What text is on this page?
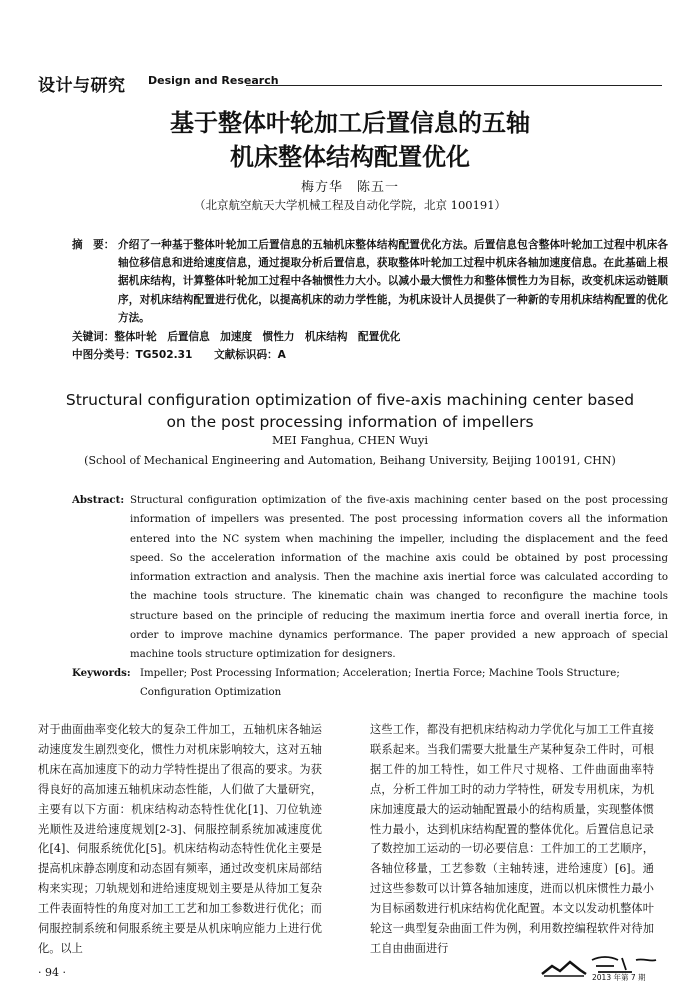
设计与研究 Design and Research
基于整体叶轮加工后置信息的五轴
机床整体结构配置优化
梅方华　陈五一
（北京航空航天大学机械工程及自动化学院，北京 100191）
摘　要： 介绍了一种基于整体叶轮加工后置信息的五轴机床整体结构配置优化方法。后置信息包含整体叶轮加工过程中机床各轴位移信息和进给速度信息，通过提取分析后置信息，获取整体叶轮加工过程中机床各轴加速度信息。在此基础上根据机床结构，计算整体叶轮加工过程中各轴惯性力大小。以减小最大惯性力和整体惯性力为目标，改变机床运动链顺序，对机床结构配置进行优化，以提高机床的动力学性能，为机床设计人员提供了一种新的专用机床结构配置的优化方法。
关键词：整体叶轮　后置信息　加速度　惯性力　机床结构　配置优化
中图分类号：TG502.31 文献标识码：A
Structural configuration optimization of five-axis machining center based
on the post processing information of impellers
MEI Fanghua, CHEN Wuyi
(School of Mechanical Engineering and Automation, Beihang University, Beijing 100191, CHN)
Abstract: Structural configuration optimization of the five-axis machining center based on the post processing information of impellers was presented. The post processing information covers all the information entered into the NC system when machining the impeller, including the displacement and the feed speed. So the acceleration information of the machine axis could be obtained by post processing information extraction and analysis. Then the machine axis inertial force was calculated according to the machine tools structure. The kinematic chain was changed to reconfigure the machine tools structure based on the principle of reducing the maximum inertia force and overall inertia force, in order to improve machine dynamics performance. The paper provided a new approach of special machine tools structure optimization for designers.
Keywords: Impeller; Post Processing Information; Acceleration; Inertia Force; Machine Tools Structure; Configuration Optimization
对于曲面曲率变化较大的复杂工件加工，五轴机床各轴运动速度发生剧烈变化，惯性力对机床影响较大，这对五轴机床在高加速度下的动力学特性提出了很高的要求。为获得良好的高加速五轴机床动态性能，人们做了大量研究，主要有以下方面：机床结构动态特性优化[1]、刀位轨迹光顺性及进给速度规划[2-3]、伺服控制系统加减速度优化[4]、伺服系统优化[5]。机床结构动态特性优化主要是提高机床静态刚度和动态固有频率，通过改变机床局部结构来实现；刀轨规划和进给速度规划主要是从待加工复杂工件表面特性的角度对加工工艺和加工参数进行优化；而伺服控制系统和伺服系统主要是从机床响应能力上进行优化。以上
这些工作，都没有把机床结构动力学优化与加工工件直接联系起来。当我们需要大批量生产某种复杂工件时，可根据工件的加工特性，如工件尺寸规格、工件曲面曲率特点，分析工件加工时的动力学特性，研发专用机床，为机床加速度最大的运动轴配置最小的结构质量，实现整体惯性力最小，达到机床结构配置的整体优化。后置信息记录了数控加工运动的一切必要信息：工件加工的工艺顺序，各轴位移量，工艺参数（主轴转速，进给速度）[6]。通过这些参数可以计算各轴加速度，进而以机床惯性力最小为目标函数进行机床结构优化配置。本文以发动机整体叶轮这一典型复杂曲面工件为例，利用数控编程软件对待加工自由曲面进行
· 94 ·	2013 年第 7 期
